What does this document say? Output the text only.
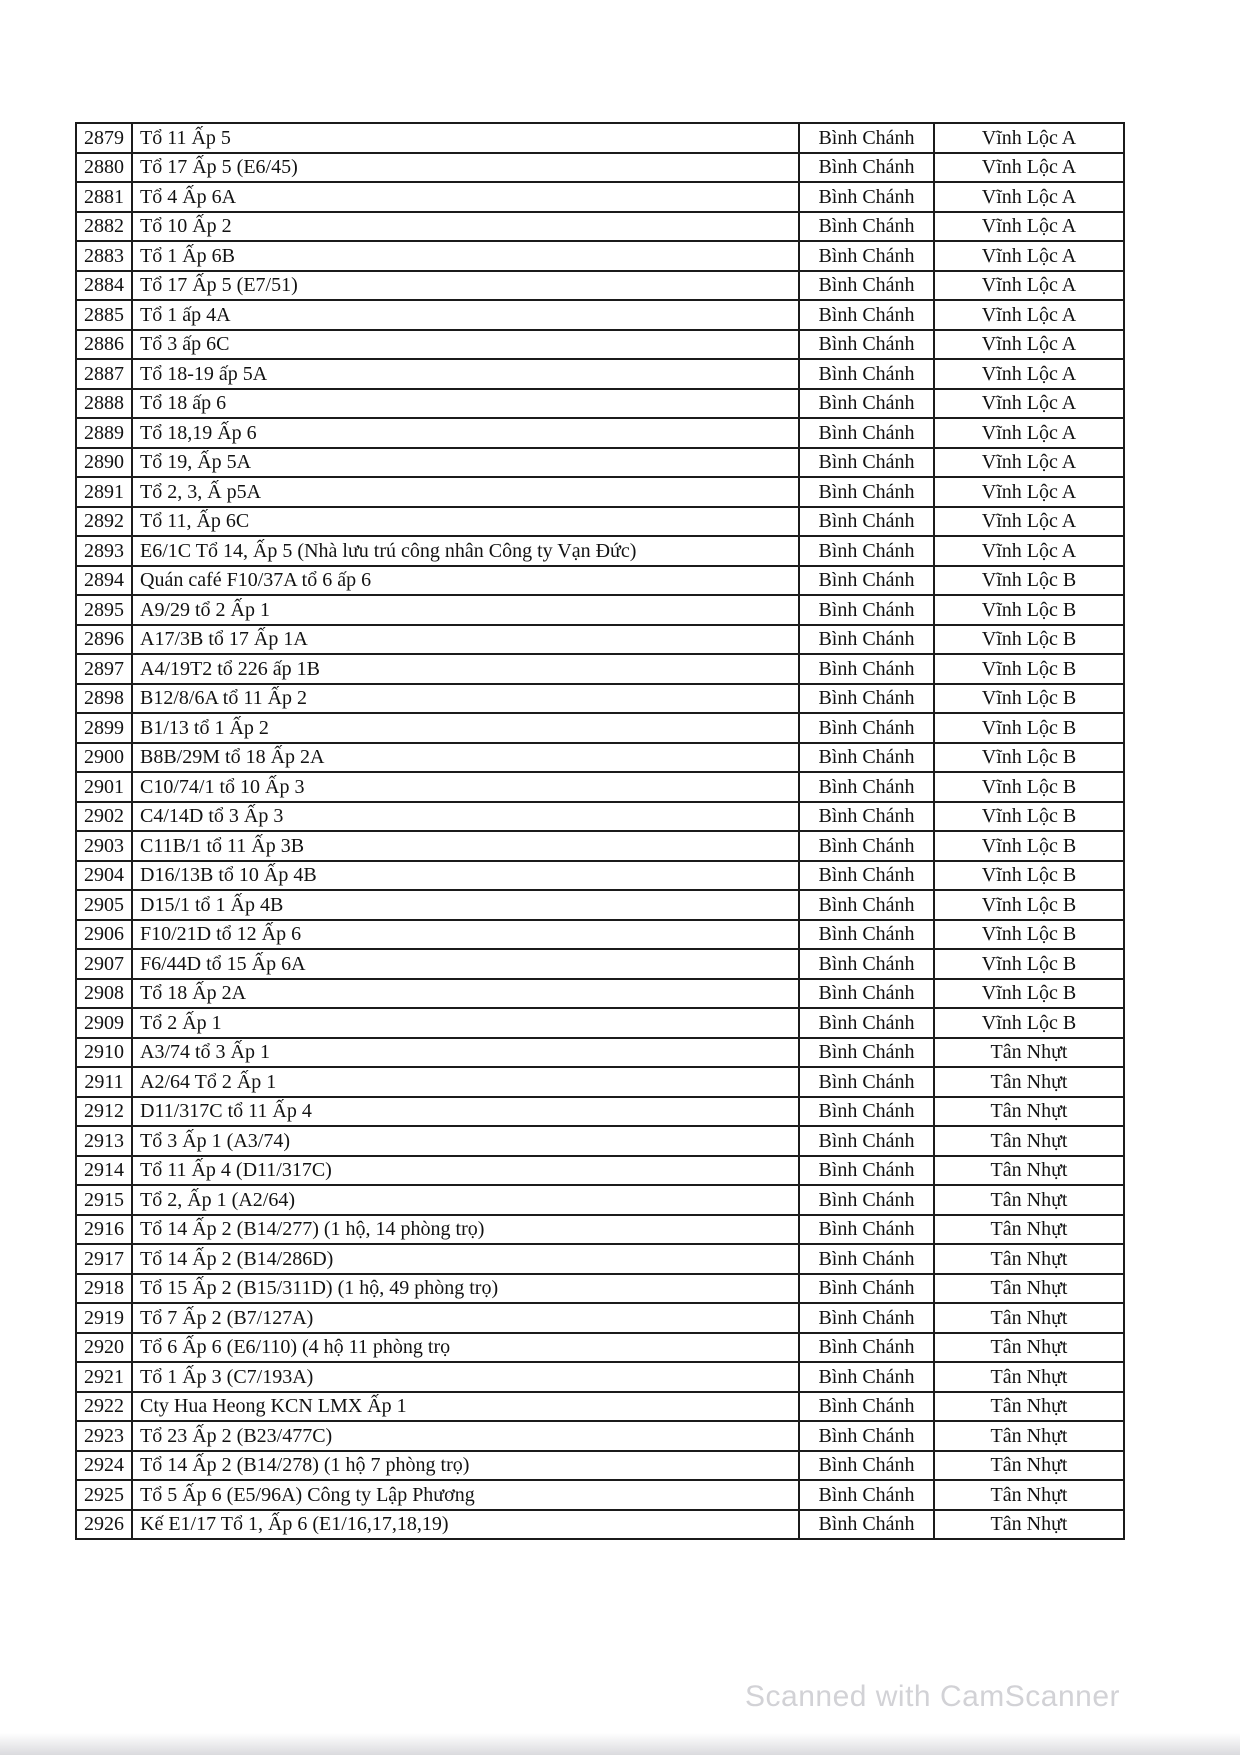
2879	Tổ 11 Ấp 5	Bình Chánh	Vĩnh Lộc A
2880	Tổ 17 Ấp 5 (E6/45)	Bình Chánh	Vĩnh Lộc A
2881	Tổ 4 Ấp 6A	Bình Chánh	Vĩnh Lộc A
2882	Tổ 10 Ấp 2	Bình Chánh	Vĩnh Lộc A
2883	Tổ 1 Ấp 6B	Bình Chánh	Vĩnh Lộc A
2884	Tổ 17 Ấp 5 (E7/51)	Bình Chánh	Vĩnh Lộc A
2885	Tổ 1 ấp 4A	Bình Chánh	Vĩnh Lộc A
2886	Tổ 3 ấp 6C	Bình Chánh	Vĩnh Lộc A
2887	Tổ 18-19 ấp 5A	Bình Chánh	Vĩnh Lộc A
2888	Tổ 18 ấp 6	Bình Chánh	Vĩnh Lộc A
2889	Tổ 18,19 Ấp 6	Bình Chánh	Vĩnh Lộc A
2890	Tổ 19, Ấp 5A	Bình Chánh	Vĩnh Lộc A
2891	Tổ 2, 3, Ấ p5A	Bình Chánh	Vĩnh Lộc A
2892	Tổ 11, Ấp 6C	Bình Chánh	Vĩnh Lộc A
2893	E6/1C Tổ 14, Ấp 5 (Nhà lưu trú công nhân Công ty Vạn Đức)	Bình Chánh	Vĩnh Lộc A
2894	Quán café F10/37A tổ 6 ấp 6	Bình Chánh	Vĩnh Lộc B
2895	A9/29 tổ 2 Ấp 1	Bình Chánh	Vĩnh Lộc B
2896	A17/3B tổ 17 Ấp 1A	Bình Chánh	Vĩnh Lộc B
2897	A4/19T2 tổ 226 ấp 1B	Bình Chánh	Vĩnh Lộc B
2898	B12/8/6A tổ 11 Ấp 2	Bình Chánh	Vĩnh Lộc B
2899	B1/13 tổ 1 Ấp 2	Bình Chánh	Vĩnh Lộc B
2900	B8B/29M tổ 18 Ấp 2A	Bình Chánh	Vĩnh Lộc B
2901	C10/74/1 tổ 10 Ấp 3	Bình Chánh	Vĩnh Lộc B
2902	C4/14D tổ 3 Ấp 3	Bình Chánh	Vĩnh Lộc B
2903	C11B/1 tổ 11 Ấp 3B	Bình Chánh	Vĩnh Lộc B
2904	D16/13B tổ 10 Ấp 4B	Bình Chánh	Vĩnh Lộc B
2905	D15/1 tổ 1 Ấp 4B	Bình Chánh	Vĩnh Lộc B
2906	F10/21D tổ 12 Ấp 6	Bình Chánh	Vĩnh Lộc B
2907	F6/44D tổ 15 Ấp 6A	Bình Chánh	Vĩnh Lộc B
2908	Tổ 18 Ấp 2A	Bình Chánh	Vĩnh Lộc B
2909	Tổ 2 Ấp 1	Bình Chánh	Vĩnh Lộc B
2910	A3/74 tổ 3 Ấp 1	Bình Chánh	Tân Nhựt
2911	A2/64 Tổ 2 Ấp 1	Bình Chánh	Tân Nhựt
2912	D11/317C tổ 11 Ấp 4	Bình Chánh	Tân Nhựt
2913	Tổ 3 Ấp 1 (A3/74)	Bình Chánh	Tân Nhựt
2914	Tổ 11 Ấp 4 (D11/317C)	Bình Chánh	Tân Nhựt
2915	Tổ 2, Ấp 1 (A2/64)	Bình Chánh	Tân Nhựt
2916	Tổ 14 Ấp 2 (B14/277) (1 hộ, 14 phòng trọ)	Bình Chánh	Tân Nhựt
2917	Tổ 14 Ấp 2 (B14/286D)	Bình Chánh	Tân Nhựt
2918	Tổ 15 Ấp 2 (B15/311D) (1 hộ, 49 phòng trọ)	Bình Chánh	Tân Nhựt
2919	Tổ 7 Ấp 2 (B7/127A)	Bình Chánh	Tân Nhựt
2920	Tổ 6 Ấp 6 (E6/110) (4 hộ 11 phòng trọ	Bình Chánh	Tân Nhựt
2921	Tổ 1 Ấp 3 (C7/193A)	Bình Chánh	Tân Nhựt
2922	Cty Hua Heong KCN LMX Ấp 1	Bình Chánh	Tân Nhựt
2923	Tổ 23 Ấp 2 (B23/477C)	Bình Chánh	Tân Nhựt
2924	Tổ 14 Ấp 2 (B14/278) (1 hộ 7 phòng trọ)	Bình Chánh	Tân Nhựt
2925	Tổ 5 Ấp 6 (E5/96A) Công ty Lập Phương	Bình Chánh	Tân Nhựt
2926	Kế E1/17 Tổ 1, Ấp 6 (E1/16,17,18,19)	Bình Chánh	Tân Nhựt
Scanned with CamScanner
